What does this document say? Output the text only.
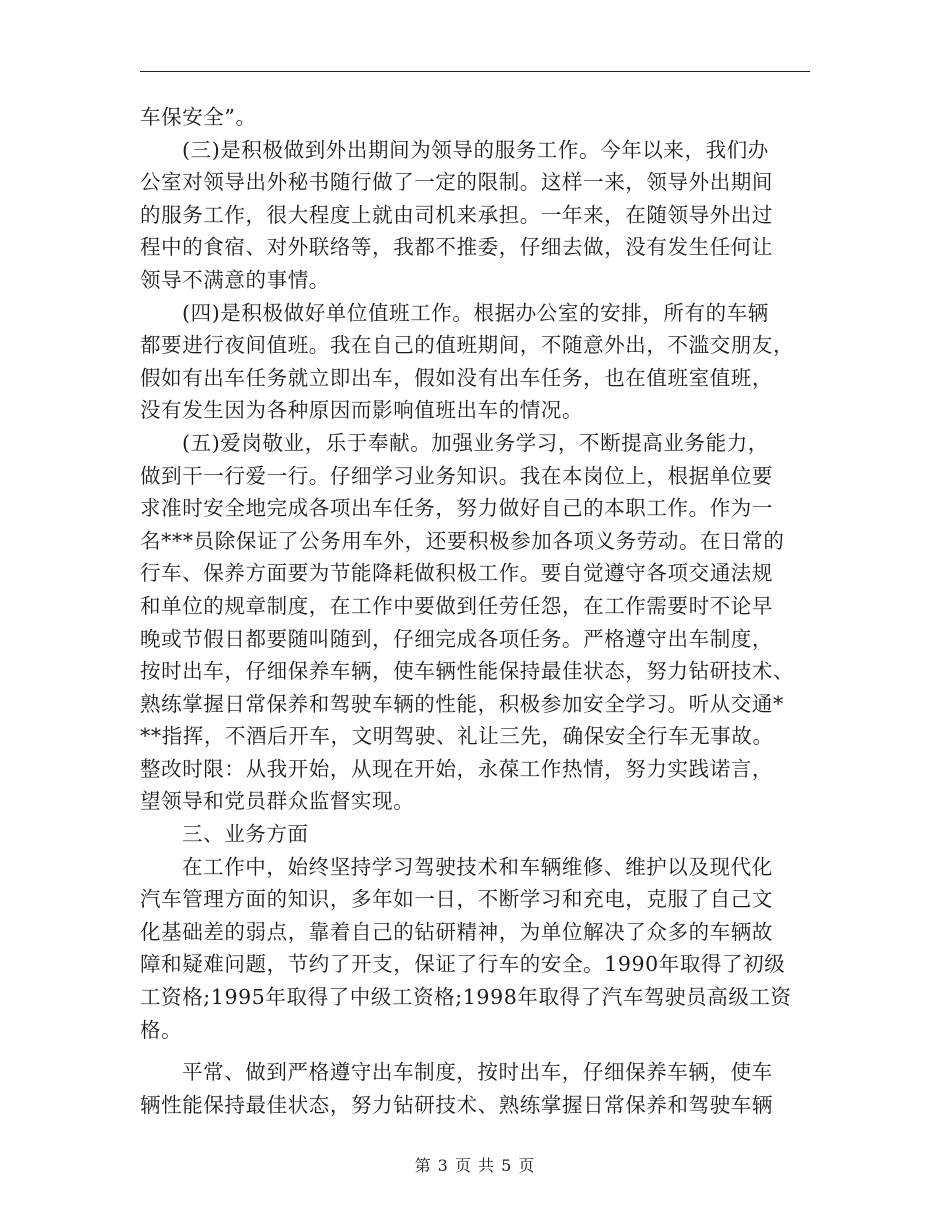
车保安全”。
(三)是积极做到外出期间为领导的服务工作。今年以来，我们办
公室对领导出外秘书随行做了一定的限制。这样一来，领导外出期间
的服务工作，很大程度上就由司机来承担。一年来，在随领导外出过
程中的食宿、对外联络等，我都不推委，仔细去做，没有发生任何让
领导不满意的事情。
(四)是积极做好单位值班工作。根据办公室的安排，所有的车辆
都要进行夜间值班。我在自己的值班期间，不随意外出，不滥交朋友，
假如有出车任务就立即出车，假如没有出车任务，也在值班室值班，
没有发生因为各种原因而影响值班出车的情况。
(五)爱岗敬业，乐于奉献。加强业务学习，不断提高业务能力，
做到干一行爱一行。仔细学习业务知识。我在本岗位上，根据单位要
求准时安全地完成各项出车任务，努力做好自己的本职工作。作为一
名***员除保证了公务用车外，还要积极参加各项义务劳动。在日常的
行车、保养方面要为节能降耗做积极工作。要自觉遵守各项交通法规
和单位的规章制度，在工作中要做到任劳任怨，在工作需要时不论早
晚或节假日都要随叫随到，仔细完成各项任务。严格遵守出车制度，
按时出车，仔细保养车辆，使车辆性能保持最佳状态，努力钻研技术、
熟练掌握日常保养和驾驶车辆的性能，积极参加安全学习。听从交通*
**指挥，不酒后开车，文明驾驶、礼让三先，确保安全行车无事故。
整改时限：从我开始，从现在开始，永葆工作热情，努力实践诺言，
望领导和党员群众监督实现。
三、业务方面
在工作中，始终坚持学习驾驶技术和车辆维修、维护以及现代化
汽车管理方面的知识，多年如一日，不断学习和充电，克服了自己文
化基础差的弱点，靠着自己的钻研精神，为单位解决了众多的车辆故
障和疑难问题，节约了开支，保证了行车的安全。1990年取得了初级
工资格;1995年取得了中级工资格;1998年取得了汽车驾驶员高级工资
格。
平常、做到严格遵守出车制度，按时出车，仔细保养车辆，使车
辆性能保持最佳状态，努力钻研技术、熟练掌握日常保养和驾驶车辆
第 3 页 共 5 页
